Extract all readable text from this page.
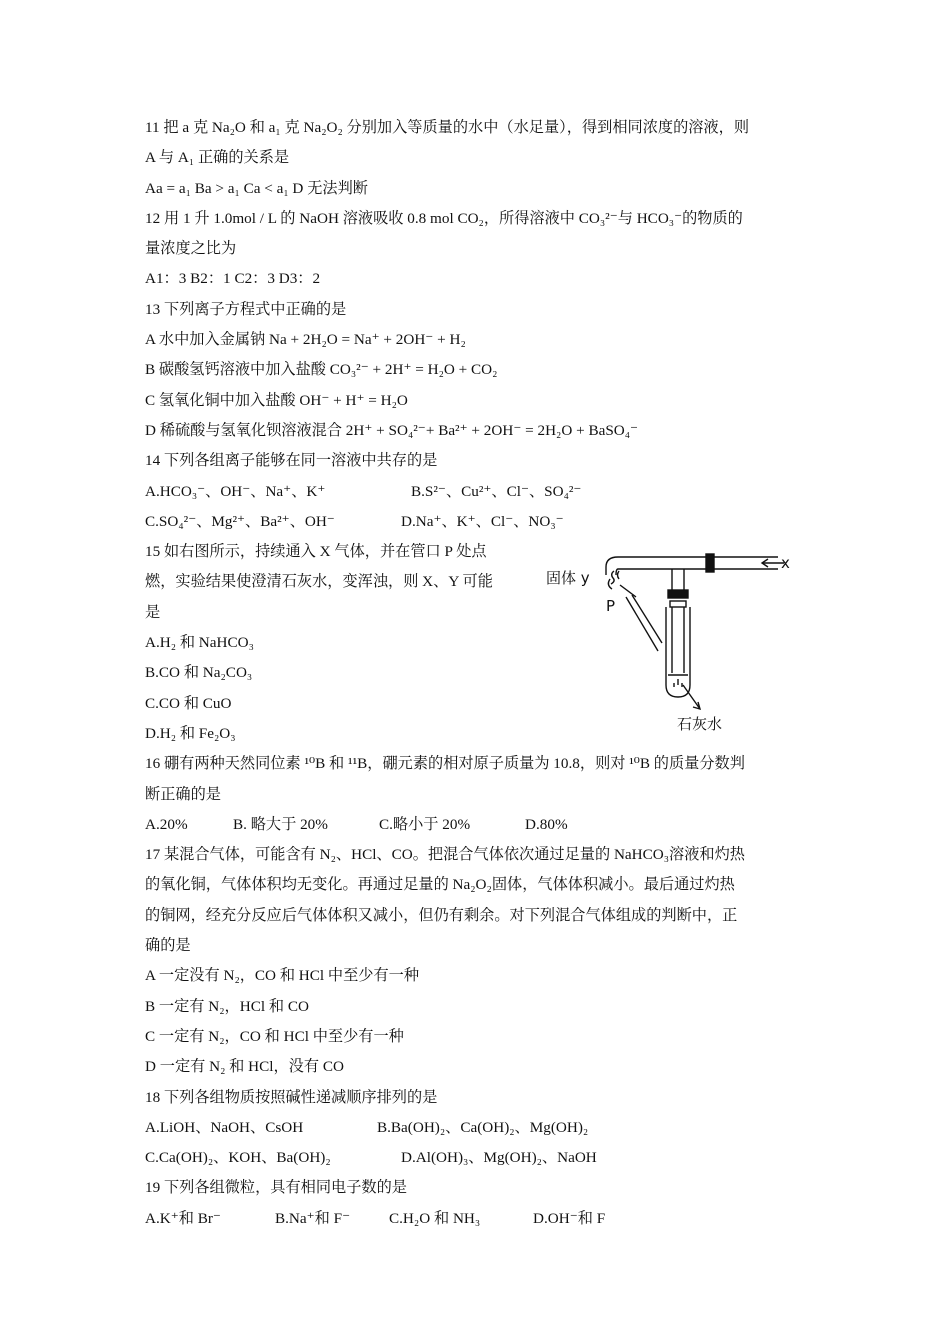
11 把 a 克 Na₂O 和 a₁ 克 Na₂O₂ 分别加入等质量的水中（水足量），得到相同浓度的溶液，则
A 与 A₁ 正确的关系是
Aa = a₁ Ba > a₁ Ca < a₁ D 无法判断
12 用 1 升 1.0mol / L 的 NaOH 溶液吸收 0.8 mol CO₂，所得溶液中 CO₃²⁻与 HCO₃⁻的物质的
量浓度之比为
A1：3 B2：1 C2：3 D3：2
13 下列离子方程式中正确的是
A 水中加入金属钠 Na + 2H₂O = Na⁺ + 2OH⁻ + H₂
B 碳酸氢钙溶液中加入盐酸 CO₃²⁻ + 2H⁺ = H₂O + CO₂
C 氢氧化铜中加入盐酸 OH⁻ + H⁺ = H₂O
D 稀硫酸与氢氧化钡溶液混合 2H⁺ + SO₄²⁻+ Ba²⁺ + 2OH⁻ = 2H₂O + BaSO₄⁻
14 下列各组离子能够在同一溶液中共存的是
A.HCO₃⁻、OH⁻、Na⁺、K⁺	B.S²⁻、Cu²⁺、Cl⁻、SO₄²⁻
C.SO₄²⁻、Mg²⁺、Ba²⁺、OH⁻	D.Na⁺、K⁺、Cl⁻、NO₃⁻
15 如右图所示，持续通入 X 气体，并在管口 P 处点
燃，实验结果使澄清石灰水，变浑浊，则 X、Y 可能
是
A.H₂ 和 NaHCO₃
B.CO 和 Na₂CO₃
C.CO 和 CuO
D.H₂ 和 Fe₂O₃
16 硼有两种天然同位素 ¹⁰B 和 ¹¹B，硼元素的相对原子质量为 10.8，则对 ¹⁰B 的质量分数判
断正确的是
A.20%	B. 略大于 20%	C.略小于 20%	D.80%
17 某混合气体，可能含有 N₂、HCl、CO。把混合气体依次通过足量的 NaHCO₃溶液和灼热
的氧化铜，气体体积均无变化。再通过足量的 Na₂O₂固体，气体体积减小。最后通过灼热
的铜网，经充分反应后气体体积又减小，但仍有剩余。对下列混合气体组成的判断中，正
确的是
A 一定没有 N₂，CO 和 HCl 中至少有一种
B 一定有 N₂，HCl 和 CO
C 一定有 N₂，CO 和 HCl 中至少有一种
D 一定有 N₂ 和 HCl，没有 CO
18 下列各组物质按照碱性递减顺序排列的是
A.LiOH、NaOH、CsOH	B.Ba(OH)₂、Ca(OH)₂、Mg(OH)₂
C.Ca(OH)₂、KOH、Ba(OH)₂	D.Al(OH)₃、Mg(OH)₂、NaOH
19 下列各组微粒，具有相同电子数的是
A.K⁺和 Br⁻	B.Na⁺和 F⁻	C.H₂O 和 NH₃	D.OH⁻和 F
固体 y
x
P
石灰水
